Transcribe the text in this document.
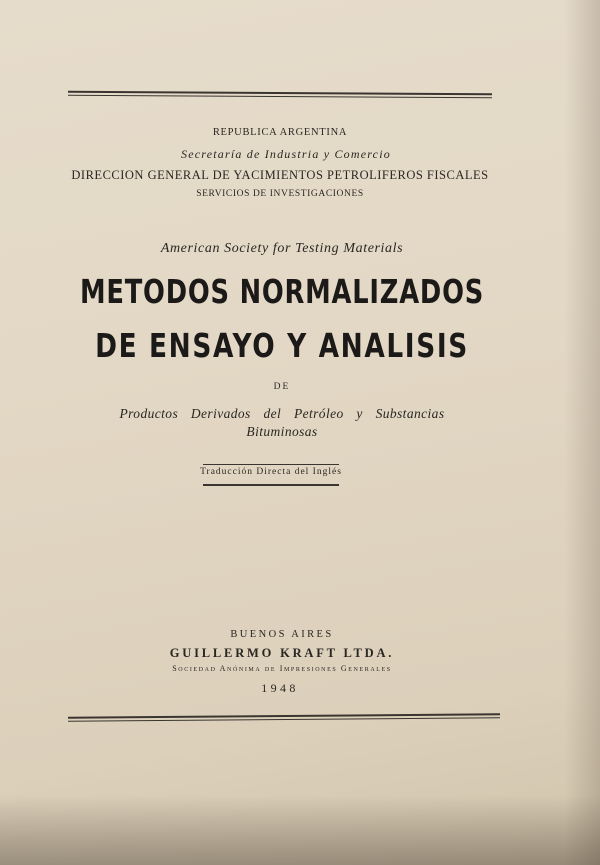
REPUBLICA ARGENTINA
Secretaría de Industria y Comercio
DIRECCION GENERAL DE YACIMIENTOS PETROLIFEROS FISCALES
SERVICIOS DE INVESTIGACIONES
American Society for Testing Materials
METODOS NORMALIZADOS
DE ENSAYO Y ANALISIS
DE
Productos Derivados del Petróleo y Substancias
Bituminosas
Traducción Directa del Inglés
BUENOS AIRES
GUILLERMO KRAFT LTDA.
Sociedad Anónima de Impresiones Generales
1948
